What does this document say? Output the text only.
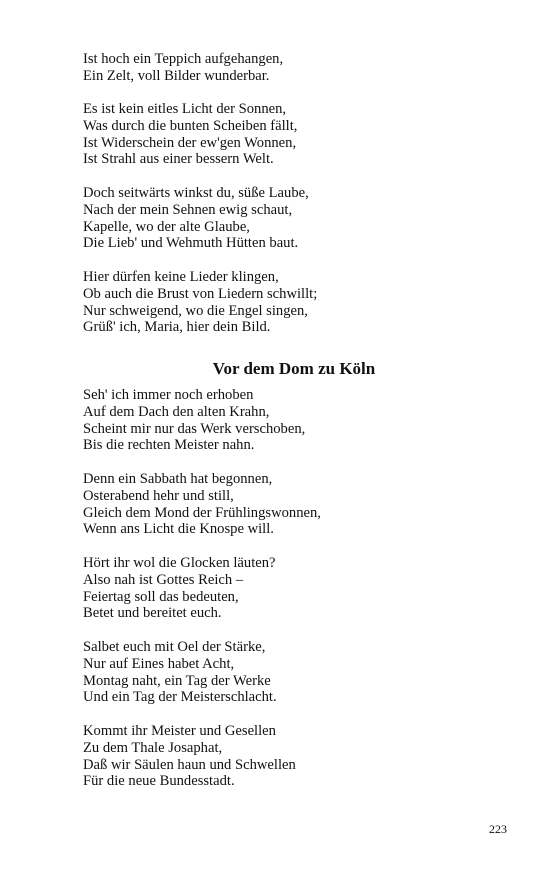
Ist hoch ein Teppich aufgehangen,
Ein Zelt, voll Bilder wunderbar.
Es ist kein eitles Licht der Sonnen,
Was durch die bunten Scheiben fällt,
Ist Widerschein der ew'gen Wonnen,
Ist Strahl aus einer bessern Welt.
Doch seitwärts winkst du, süße Laube,
Nach der mein Sehnen ewig schaut,
Kapelle, wo der alte Glaube,
Die Lieb' und Wehmuth Hütten baut.
Hier dürfen keine Lieder klingen,
Ob auch die Brust von Liedern schwillt;
Nur schweigend, wo die Engel singen,
Grüß' ich, Maria, hier dein Bild.
Vor dem Dom zu Köln
Seh' ich immer noch erhoben
Auf dem Dach den alten Krahn,
Scheint mir nur das Werk verschoben,
Bis die rechten Meister nahn.
Denn ein Sabbath hat begonnen,
Osterabend hehr und still,
Gleich dem Mond der Frühlingswonnen,
Wenn ans Licht die Knospe will.
Hört ihr wol die Glocken läuten?
Also nah ist Gottes Reich –
Feiertag soll das bedeuten,
Betet und bereitet euch.
Salbet euch mit Oel der Stärke,
Nur auf Eines habet Acht,
Montag naht, ein Tag der Werke
Und ein Tag der Meisterschlacht.
Kommt ihr Meister und Gesellen
Zu dem Thale Josaphat,
Daß wir Säulen haun und Schwellen
Für die neue Bundesstadt.
223
